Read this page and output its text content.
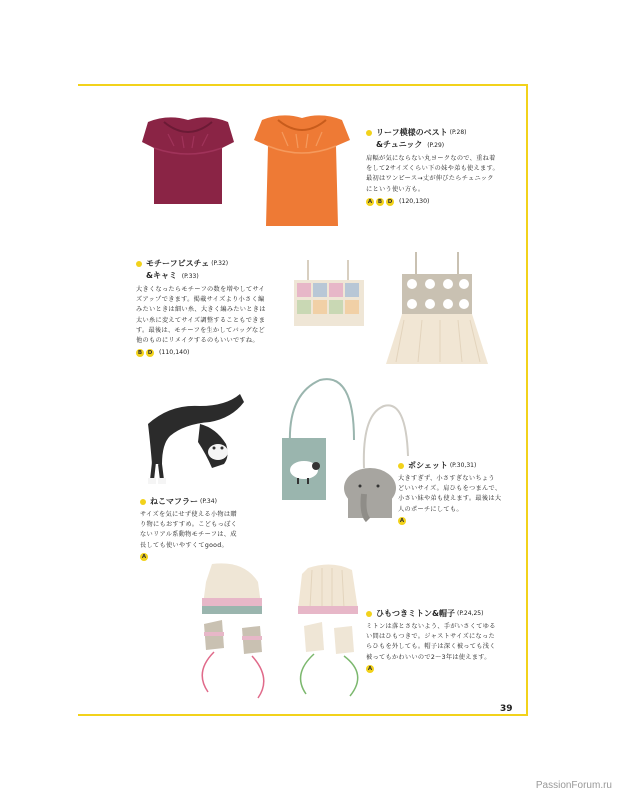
リーフ模様のベスト (P.28)
&チュニック (P.29)
肩幅が気にならない丸ヨークなので、重ね着
をして2サイズくらい下の妹や弟も使えます。
最初はワンピース→丈が伸びたらチュニック
にという使い方も。
A	B	D (120,130)
モチーフビスチェ (P.32)
&キャミ (P.33)
大きくなったらモチーフの数を増やしてサイ
ズアップできます。掲載サイズより小さく編
みたいときは細い糸、大きく編みたいときは
太い糸に変えてサイズ調整することもできま
す。最後は、モチーフを生かしてバッグなど
他のものにリメイクするのもいいですね。
B	D (110,140)
ねこマフラー (P.34)
サイズを気にせず使える小物は贈
り物にもおすすめ。こどもっぽく
ないリアル系動物モチーフは、成
長しても使いやすくてgood。
A
ポシェット (P.30,31)
大きすぎず、小さすぎないちょう
どいいサイズ。肩ひもをつまんで、
小さい妹や弟も使えます。最後は大
人のポーチにしても。
A
ひもつきミトン&帽子 (P.24,25)
ミトンは落とさないよう、手がいさくてゆる
い間はひもつきで。ジャストサイズになった
らひもを外しても。帽子は深く被っても浅く
被ってもかわいいので2～3年は使えます。
A
39
PassionForum.ru
